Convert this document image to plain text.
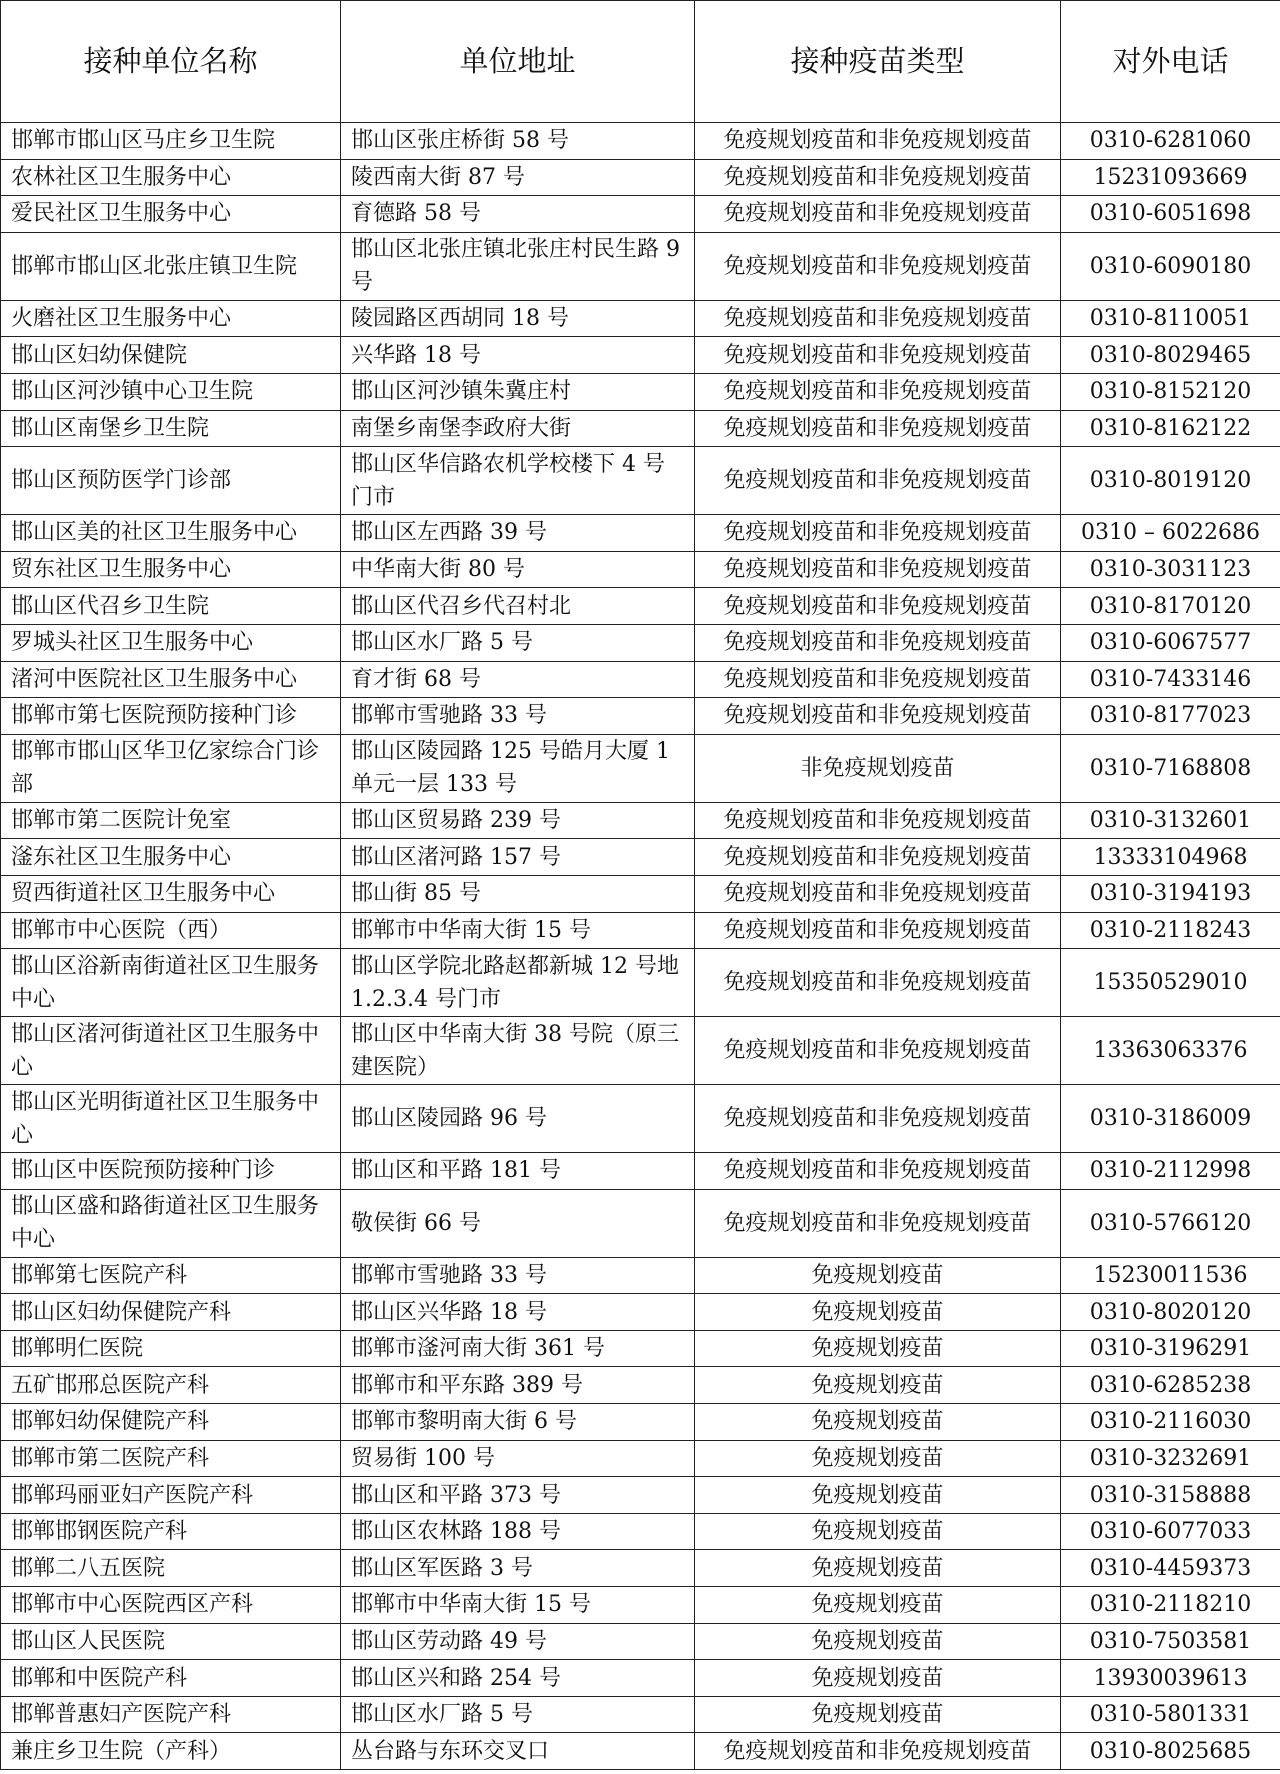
接种单位名称	单位地址	接种疫苗类型	对外电话
邯郸市邯山区马庄乡卫生院	邯山区张庄桥街 58 号	免疫规划疫苗和非免疫规划疫苗	0310-6281060
农林社区卫生服务中心	陵西南大街 87 号	免疫规划疫苗和非免疫规划疫苗	15231093669
爱民社区卫生服务中心	育德路 58 号	免疫规划疫苗和非免疫规划疫苗	0310-6051698
邯郸市邯山区北张庄镇卫生院	邯山区北张庄镇北张庄村民生路 9 号	免疫规划疫苗和非免疫规划疫苗	0310-6090180
火磨社区卫生服务中心	陵园路区西胡同 18 号	免疫规划疫苗和非免疫规划疫苗	0310-8110051
邯山区妇幼保健院	兴华路 18 号	免疫规划疫苗和非免疫规划疫苗	0310-8029465
邯山区河沙镇中心卫生院	邯山区河沙镇朱冀庄村	免疫规划疫苗和非免疫规划疫苗	0310-8152120
邯山区南堡乡卫生院	南堡乡南堡李政府大街	免疫规划疫苗和非免疫规划疫苗	0310-8162122
邯山区预防医学门诊部	邯山区华信路农机学校楼下 4 号门市	免疫规划疫苗和非免疫规划疫苗	0310-8019120
邯山区美的社区卫生服务中心	邯山区左西路 39 号	免疫规划疫苗和非免疫规划疫苗	0310 – 6022686
贸东社区卫生服务中心	中华南大街 80 号	免疫规划疫苗和非免疫规划疫苗	0310-3031123
邯山区代召乡卫生院	邯山区代召乡代召村北	免疫规划疫苗和非免疫规划疫苗	0310-8170120
罗城头社区卫生服务中心	邯山区水厂路 5 号	免疫规划疫苗和非免疫规划疫苗	0310-6067577
渚河中医院社区卫生服务中心	育才街 68 号	免疫规划疫苗和非免疫规划疫苗	0310-7433146
邯郸市第七医院预防接种门诊	邯郸市雪驰路 33 号	免疫规划疫苗和非免疫规划疫苗	0310-8177023
邯郸市邯山区华卫亿家综合门诊部	邯山区陵园路 125 号皓月大厦 1 单元一层 133 号	非免疫规划疫苗	0310-7168808
邯郸市第二医院计免室	邯山区贸易路 239 号	免疫规划疫苗和非免疫规划疫苗	0310-3132601
滏东社区卫生服务中心	邯山区渚河路 157 号	免疫规划疫苗和非免疫规划疫苗	13333104968
贸西街道社区卫生服务中心	邯山街 85 号	免疫规划疫苗和非免疫规划疫苗	0310-3194193
邯郸市中心医院（西）	邯郸市中华南大街 15 号	免疫规划疫苗和非免疫规划疫苗	0310-2118243
邯山区浴新南街道社区卫生服务中心	邯山区学院北路赵都新城 12 号地 1.2.3.4 号门市	免疫规划疫苗和非免疫规划疫苗	15350529010
邯山区渚河街道社区卫生服务中心	邯山区中华南大街 38 号院（原三建医院）	免疫规划疫苗和非免疫规划疫苗	13363063376
邯山区光明街道社区卫生服务中心	邯山区陵园路 96 号	免疫规划疫苗和非免疫规划疫苗	0310-3186009
邯山区中医院预防接种门诊	邯山区和平路 181 号	免疫规划疫苗和非免疫规划疫苗	0310-2112998
邯山区盛和路街道社区卫生服务中心	敬侯街 66 号	免疫规划疫苗和非免疫规划疫苗	0310-5766120
邯郸第七医院产科	邯郸市雪驰路 33 号	免疫规划疫苗	15230011536
邯山区妇幼保健院产科	邯山区兴华路 18 号	免疫规划疫苗	0310-8020120
邯郸明仁医院	邯郸市滏河南大街 361 号	免疫规划疫苗	0310-3196291
五矿邯邢总医院产科	邯郸市和平东路 389 号	免疫规划疫苗	0310-6285238
邯郸妇幼保健院产科	邯郸市黎明南大街 6 号	免疫规划疫苗	0310-2116030
邯郸市第二医院产科	贸易街 100 号	免疫规划疫苗	0310-3232691
邯郸玛丽亚妇产医院产科	邯山区和平路 373 号	免疫规划疫苗	0310-3158888
邯郸邯钢医院产科	邯山区农林路 188 号	免疫规划疫苗	0310-6077033
邯郸二八五医院	邯山区军医路 3 号	免疫规划疫苗	0310-4459373
邯郸市中心医院西区产科	邯郸市中华南大街 15 号	免疫规划疫苗	0310-2118210
邯山区人民医院	邯山区劳动路 49 号	免疫规划疫苗	0310-7503581
邯郸和中医院产科	邯山区兴和路 254 号	免疫规划疫苗	13930039613
邯郸普惠妇产医院产科	邯山区水厂路 5 号	免疫规划疫苗	0310-5801331
兼庄乡卫生院（产科）	丛台路与东环交叉口	免疫规划疫苗和非免疫规划疫苗	0310-8025685
